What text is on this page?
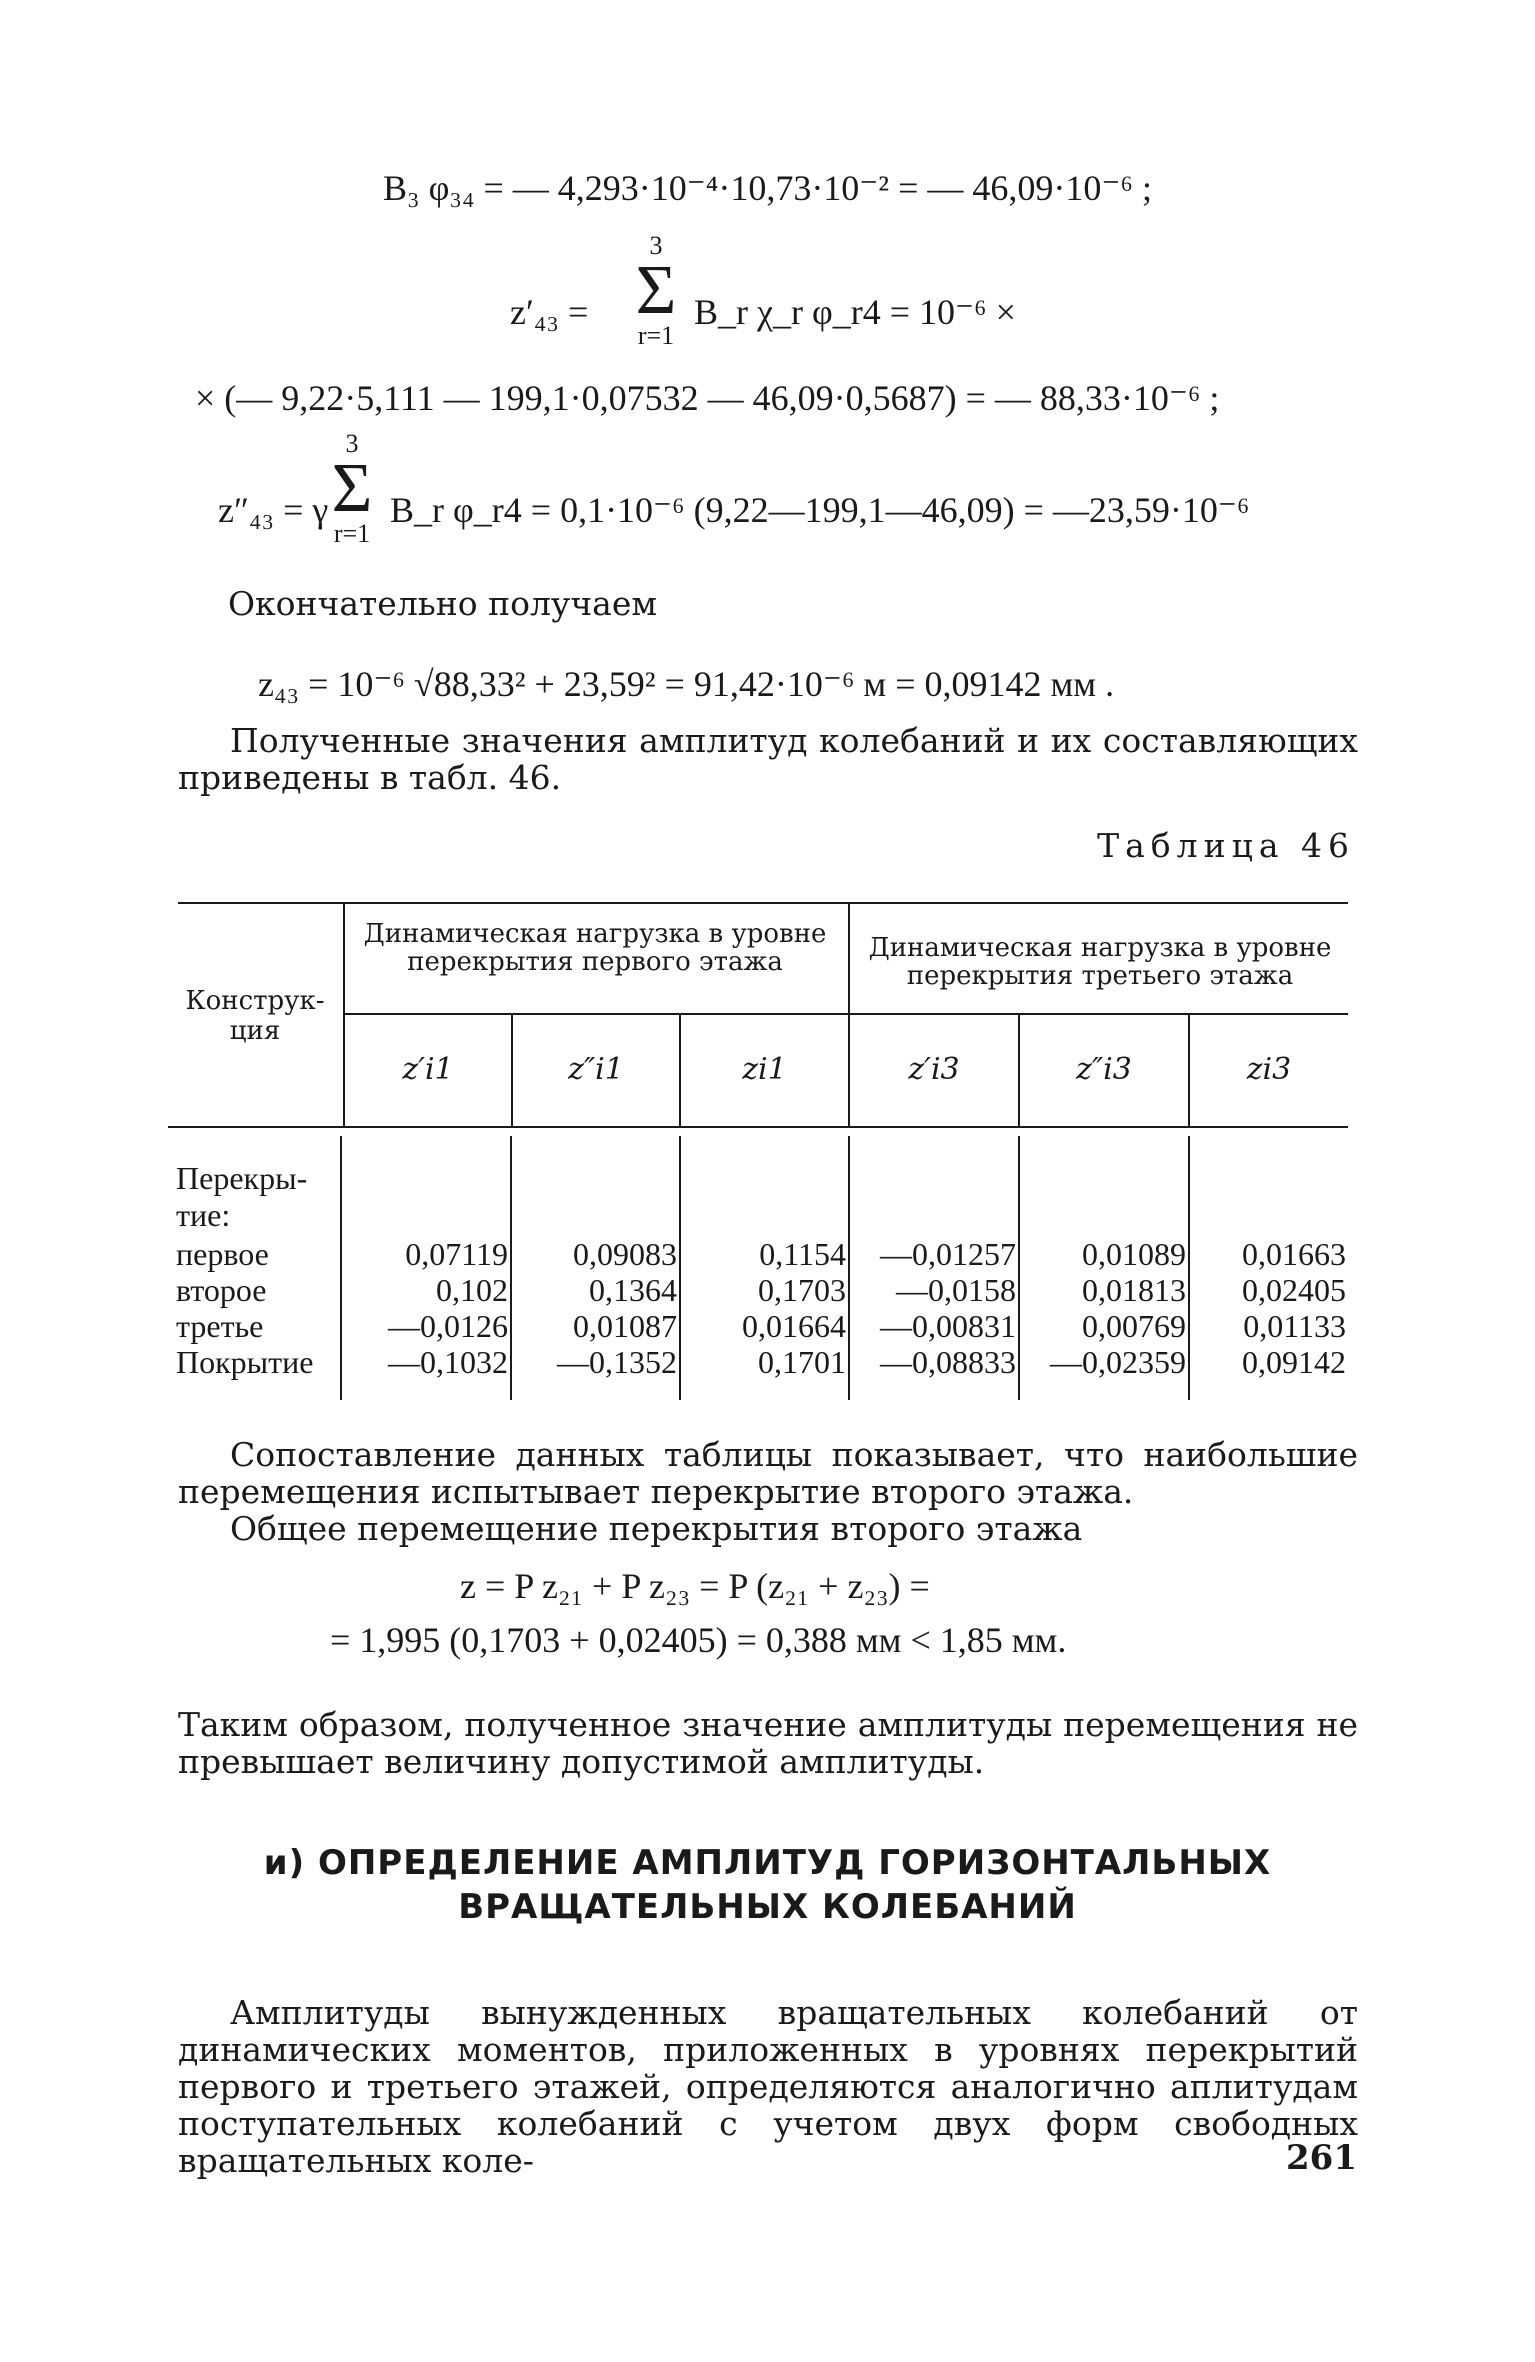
B₃ φ₃₄ = — 4,293·10⁻⁴·10,73·10⁻² = — 46,09·10⁻⁶ ;
z′₄₃ =
3
Σ
r=1
B_r χ_r φ_r4 = 10⁻⁶ ×
× (— 9,22·5,111 — 199,1·0,07532 — 46,09·0,5687) = — 88,33·10⁻⁶ ;
z″₄₃ = γ
3
Σ
r=1
B_r φ_r4 = 0,1·10⁻⁶ (9,22—199,1—46,09) = —23,59·10⁻⁶
Окончательно получаем
z₄₃ = 10⁻⁶ √88,33² + 23,59² = 91,42·10⁻⁶ м = 0,09142 мм .
Полученные значения амплитуд колебаний и их составляющих приведены в табл. 46.
Таблица 46
Конструк-ция
Динамическая нагрузка в уровне перекрытия первого этажа	Динамическая нагрузка в уровне перекрытия третьего этажа
z′i1	z″i1	zi1	z′i3	z″i3	zi3
Перекры-тие:
первое	0,07119	0,09083	0,1154	—0,01257	0,01089	0,01663
второе	0,102	0,1364	0,1703	—0,0158	0,01813	0,02405
третье	—0,0126	0,01087	0,01664	—0,00831	0,00769	0,01133
Покрытие	—0,1032	—0,1352	0,1701	—0,08833	—0,02359	0,09142
Сопоставление данных таблицы показывает, что наибольшие перемещения испытывает перекрытие второго этажа.
Общее перемещение перекрытия второго этажа
z = P z₂₁ + P z₂₃ = P (z₂₁ + z₂₃) =
= 1,995 (0,1703 + 0,02405) = 0,388 мм < 1,85 мм.
Таким образом, полученное значение амплитуды перемещения не превышает величину допустимой амплитуды.
и) ОПРЕДЕЛЕНИЕ АМПЛИТУД ГОРИЗОНТАЛЬНЫХ
ВРАЩАТЕЛЬНЫХ КОЛЕБАНИЙ
Амплитуды вынужденных вращательных колебаний от динамических моментов, приложенных в уровнях перекрытий первого и третьего этажей, определяются аналогично аплитудам поступательных колебаний с учетом двух форм свободных вращательных коле-	261
